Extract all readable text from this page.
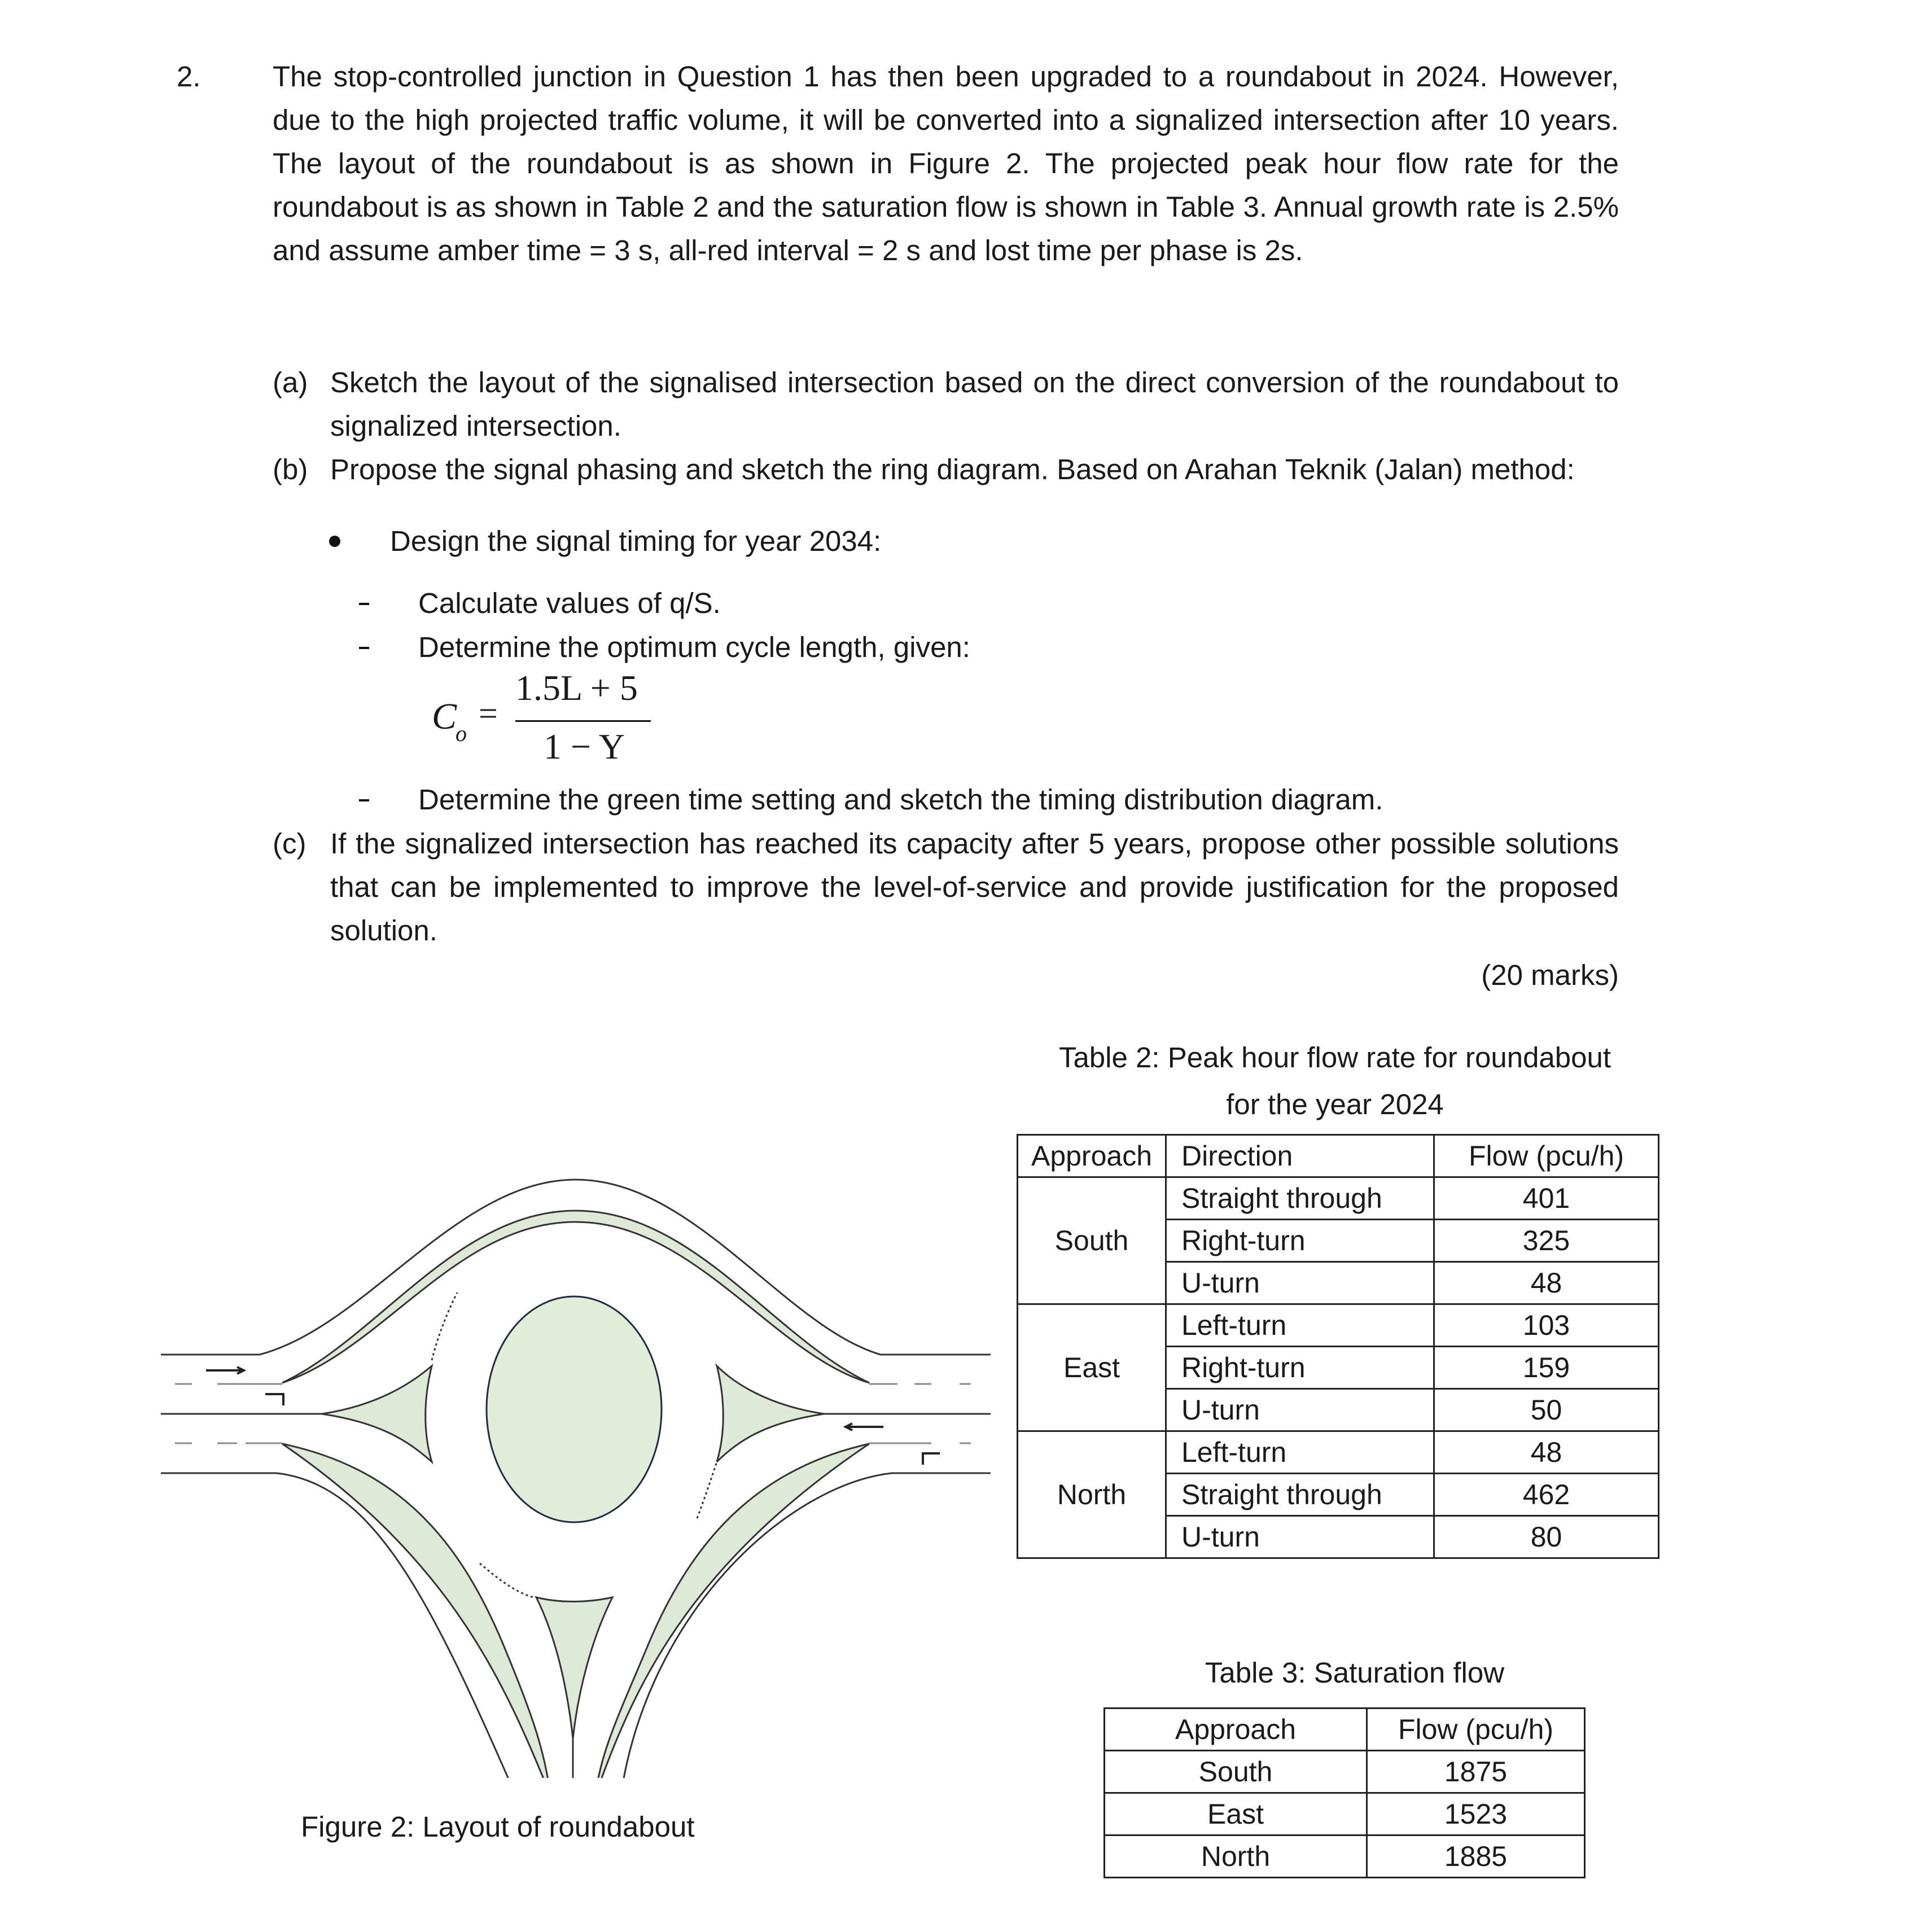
2. The stop-controlled junction in Question 1 has then been upgraded to a roundabout in 2024. However, due to the high projected traffic volume, it will be converted into a signalized intersection after 10 years. The layout of the roundabout is as shown in Figure 2. The projected peak hour flow rate for the roundabout is as shown in Table 2 and the saturation flow is shown in Table 3. Annual growth rate is 2.5% and assume amber time = 3 s, all-red interval = 2 s and lost time per phase is 2s.
(a) Sketch the layout of the signalised intersection based on the direct conversion of the roundabout to signalized intersection.
(b) Propose the signal phasing and sketch the ring diagram. Based on Arahan Teknik (Jalan) method:
Design the signal timing for year 2034:
Calculate values of q/S.
Determine the optimum cycle length, given:
C
o
=
1.5L + 5
1 − Y
Determine the green time setting and sketch the timing distribution diagram.
(c) If the signalized intersection has reached its capacity after 5 years, propose other possible solutions that can be implemented to improve the level-of-service and provide justification for the proposed solution.
(20 marks)
Figure 2: Layout of roundabout
Table 2: Peak hour flow rate for roundabout
for the year 2024
Approach	Direction	Flow (pcu/h)
South	Straight through	401
	Right-turn	325
	U-turn	48
East	Left-turn	103
	Right-turn	159
	U-turn	50
North	Left-turn	48
	Straight through	462
	U-turn	80
Table 3: Saturation flow
Approach	Flow (pcu/h)
South	1875
East	1523
North	1885
